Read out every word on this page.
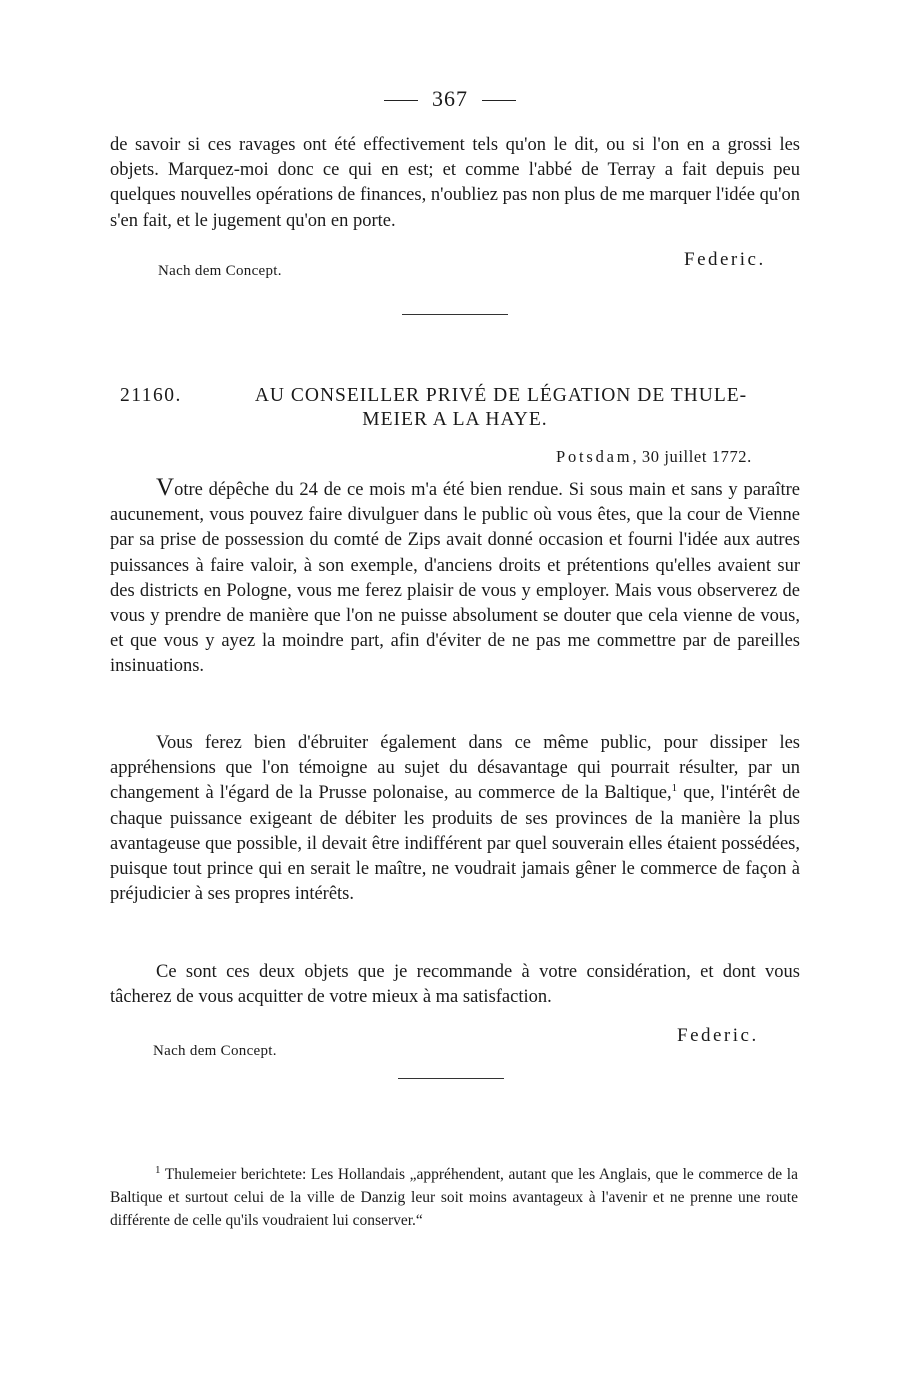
367
de savoir si ces ravages ont été effectivement tels qu'on le dit, ou si l'on en a grossi les objets. Marquez-moi donc ce qui en est; et comme l'abbé de Terray a fait depuis peu quelques nouvelles opérations de finances, n'oubliez pas non plus de me marquer l'idée qu'on s'en fait, et le jugement qu'on en porte.
Federic.
Nach dem Concept.
21160.	AU CONSEILLER PRIVÉ DE LÉGATION DE THULE-
MEIER A LA HAYE.
Potsdam, 30 juillet 1772.
Votre dépêche du 24 de ce mois m'a été bien rendue. Si sous main et sans y paraître aucunement, vous pouvez faire divulguer dans le public où vous êtes, que la cour de Vienne par sa prise de possession du comté de Zips avait donné occasion et fourni l'idée aux autres puissances à faire valoir, à son exemple, d'anciens droits et prétentions qu'elles avaient sur des districts en Pologne, vous me ferez plaisir de vous y employer. Mais vous observerez de vous y prendre de manière que l'on ne puisse absolument se douter que cela vienne de vous, et que vous y ayez la moindre part, afin d'éviter de ne pas me commettre par de pareilles insinuations.
Vous ferez bien d'ébruiter également dans ce même public, pour dissiper les appréhensions que l'on témoigne au sujet du désavantage qui pourrait résulter, par un changement à l'égard de la Prusse polonaise, au commerce de la Baltique,$^1$ que, l'intérêt de chaque puissance exigeant de débiter les produits de ses provinces de la manière la plus avantageuse que possible, il devait être indifférent par quel souverain elles étaient possédées, puisque tout prince qui en serait le maître, ne voudrait jamais gêner le commerce de façon à préjudicier à ses propres intérêts.
Ce sont ces deux objets que je recommande à votre considération, et dont vous tâcherez de vous acquitter de votre mieux à ma satisfaction.
Federic.
Nach dem Concept.
$^1$ Thulemeier berichtete: Les Hollandais „appréhendent, autant que les Anglais, que le commerce de la Baltique et surtout celui de la ville de Danzig leur soit moins avantageux à l'avenir et ne prenne une route différente de celle qu'ils voudraient lui conserver.“
